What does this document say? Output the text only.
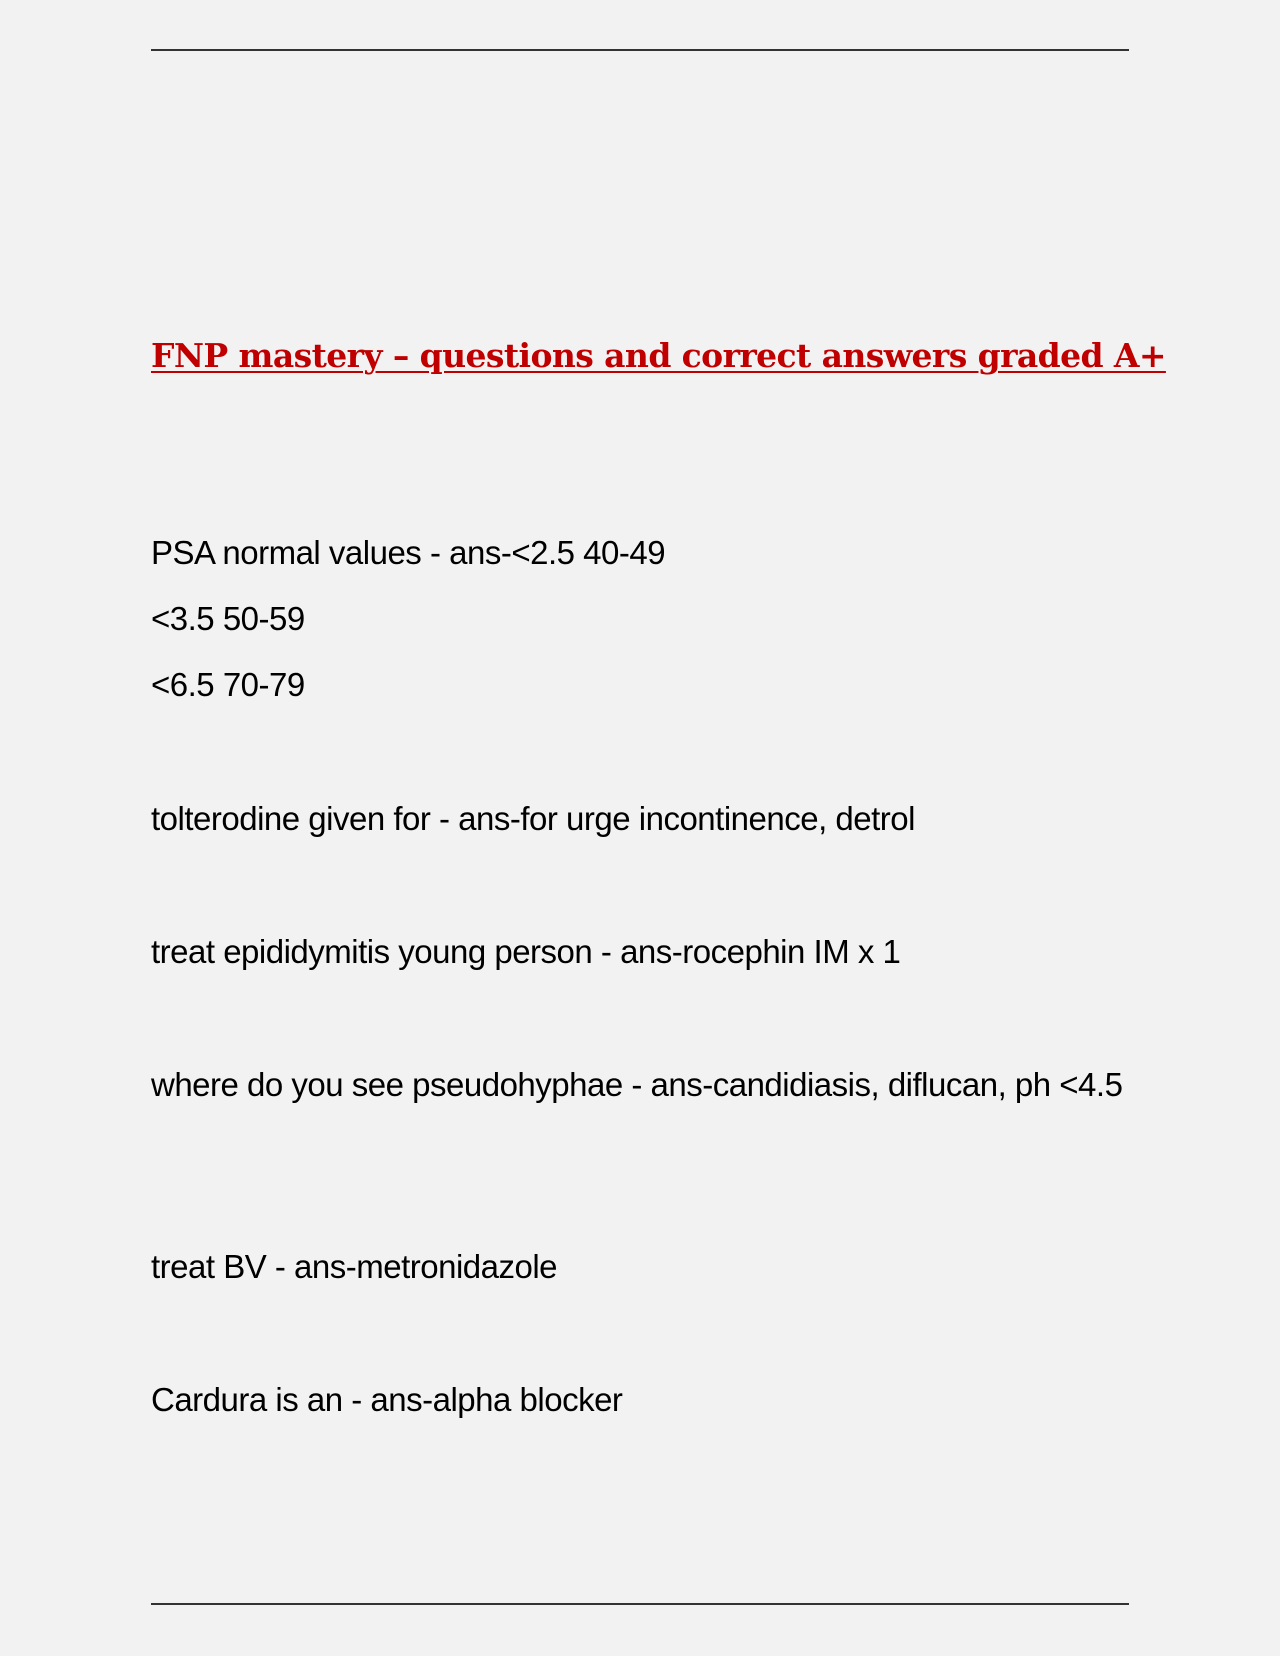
FNP mastery – questions and correct answers graded A+

PSA normal values - ans-<2.5 40-49

<3.5 50-59

<6.5 70-79

tolterodine given for - ans-for urge incontinence, detrol

treat epididymitis young person - ans-rocephin IM x 1

where do you see pseudohyphae - ans-candidiasis, diflucan, ph <4.5

treat BV - ans-metronidazole

Cardura is an - ans-alpha blocker
